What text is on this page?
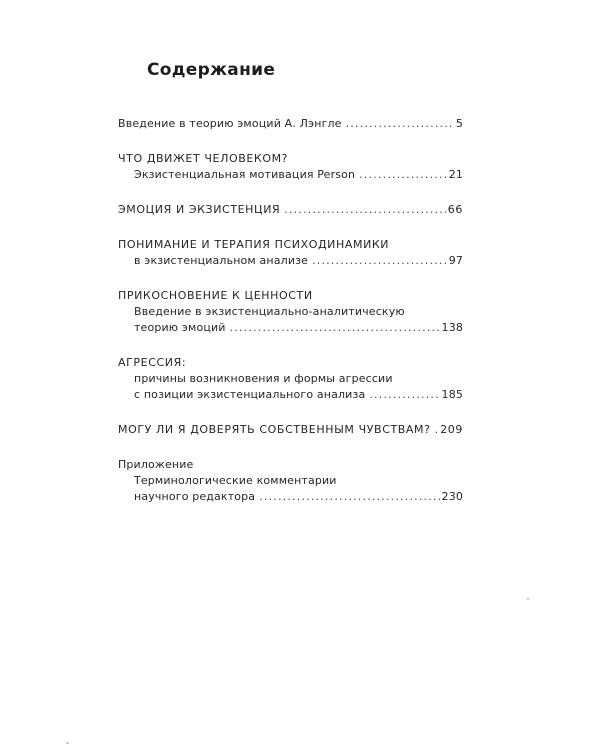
Содержание
Введение в теорию эмоций А. Лэнгле .....	5
ЧТО ДВИЖЕТ ЧЕЛОВЕКОМ?
Экзистенциальная мотивация Person .....	21
ЭМОЦИЯ И ЭКЗИСТЕНЦИЯ .....	66
ПОНИМАНИЕ И ТЕРАПИЯ ПСИХОДИНАМИКИ
в экзистенциальном анализе .....	97
ПРИКОСНОВЕНИЕ К ЦЕННОСТИ
Введение в экзистенциально-аналитическую
теорию эмоций .....	138
АГРЕССИЯ:
причины возникновения и формы агрессии
с позиции экзистенциального анализа .....	185
МОГУ ЛИ Я ДОВЕРЯТЬ СОБСТВЕННЫМ ЧУВСТВАМ? ..... 209
Приложение
Терминологические комментарии
научного редактора .....	230
